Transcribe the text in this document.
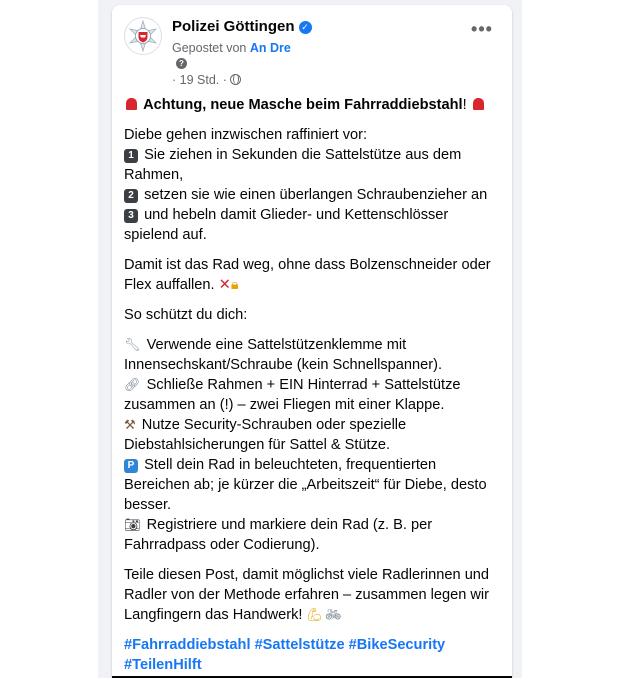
Polizei Göttingen ✓
Gepostet von An Dre
?
· 19 Std. ·
•••
Achtung, neue Masche beim Fahrraddiebstahl!
Diebe gehen inzwischen raffiniert vor:
1 Sie ziehen in Sekunden die Sattelstütze aus dem
Rahmen,
2 setzen sie wie einen überlangen Schraubenzieher an
3 und hebeln damit Glieder- und Kettenschlösser
spielend auf.
Damit ist das Rad weg, ohne dass Bolzenschneider oder
Flex auffallen. ✕🔒︎
So schützt du dich:
🔧︎ Verwende eine Sattelstützenklemme mit
Innensechskant/Schraube (kein Schnellspanner).
🔗︎ Schließe Rahmen + EIN Hinterrad + Sattelstütze
zusammen an (!) – zwei Fliegen mit einer Klappe.
⚒︎ Nutze Security-Schrauben oder spezielle
Diebstahlsicherungen für Sattel & Stütze.
P Stell dein Rad in beleuchteten, frequentierten
Bereichen ab; je kürzer die „Arbeitszeit“ für Diebe, desto
besser.
📷︎ Registriere und markiere dein Rad (z. B. per
Fahrradpass oder Codierung).
Teile diesen Post, damit möglichst viele Radlerinnen und
Radler von der Methode erfahren – zusammen legen wir
Langfingern das Handwerk! 💪︎ 🚲︎
#Fahrraddiebstahl #Sattelstütze #BikeSecurity
#TeilenHilft
